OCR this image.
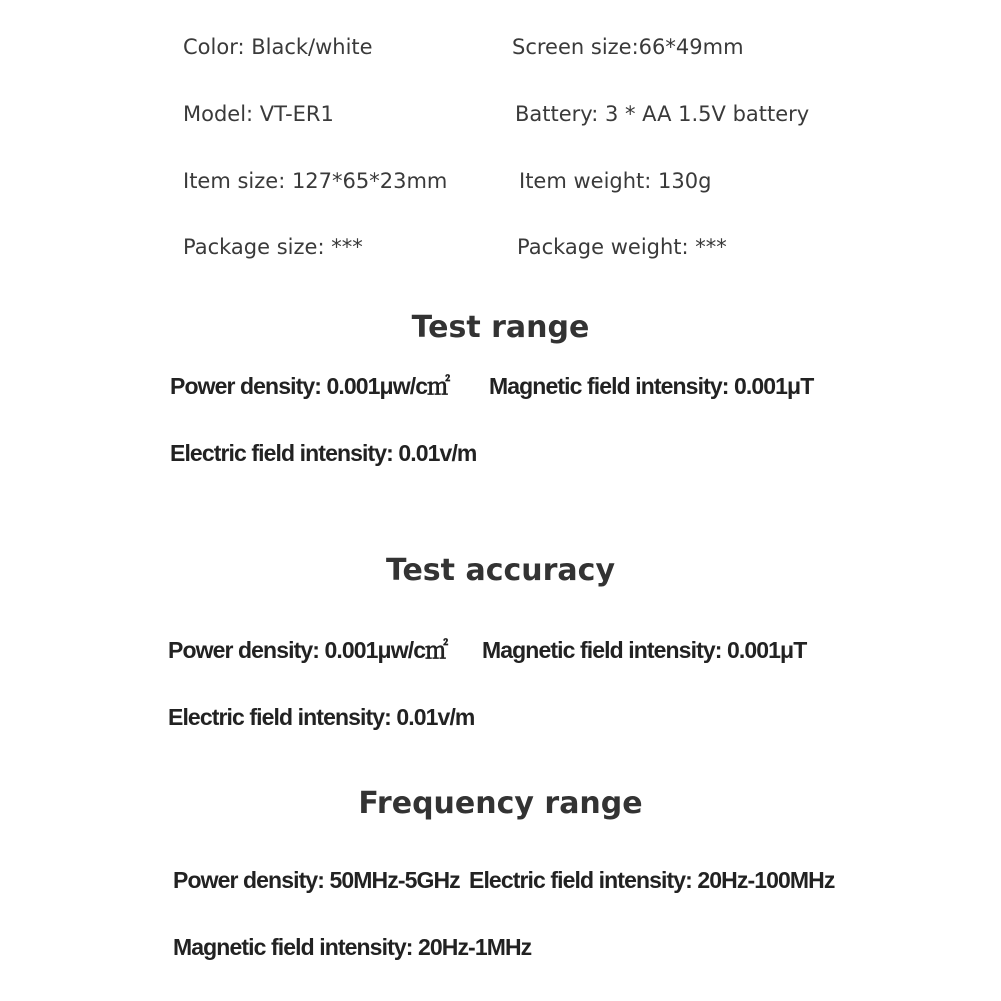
Color: Black/white	Screen size:66*49mm
Model: VT-ER1	Battery: 3 * AA 1.5V battery
Item size: 127*65*23mm	Item weight: 130g
Package size: ***	Package weight: ***
Test range
Power density: 0.001μw/c㎡ Magnetic field intensity: 0.001μT
Electric field intensity: 0.01v/m
Test accuracy
Power density: 0.001μw/c㎡ Magnetic field intensity: 0.001μT
Electric field intensity: 0.01v/m
Frequency range
Power density: 50MHz-5GHz Electric field intensity: 20Hz-100MHz
Magnetic field intensity: 20Hz-1MHz
